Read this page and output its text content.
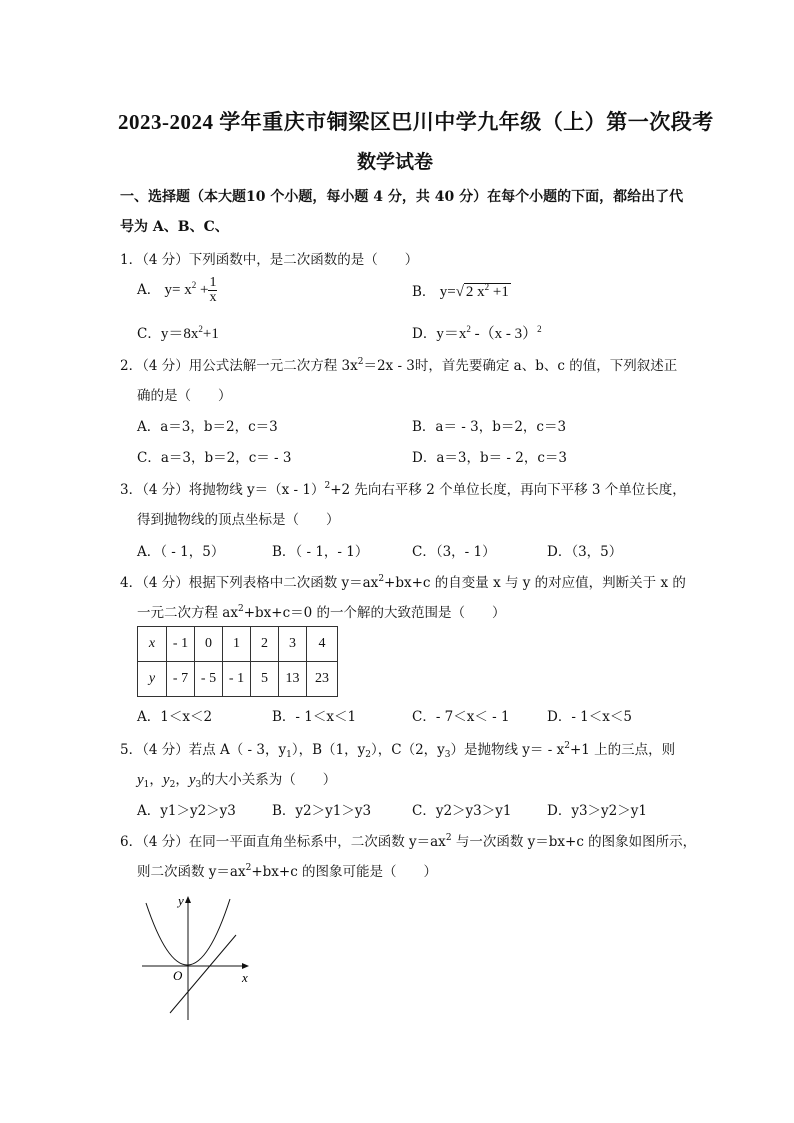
2023-2024 学年重庆市铜梁区巴川中学九年级（上）第一次段考
数学试卷
一、选择题（本大题10 个小题，每小题 4 分，共 40 分）在每个小题的下面，都给出了代
号为 A、B、C、
1．（4 分）下列函数中，是二次函数的是（　　）
A． $y= x^2 + \frac{1}{x}$	B． y=√ 2 $x^2 +1$
C．$y=8x^2+1$	D．$y=x^2$ -（x - 3）$^2$
2．（4 分）用公式法解一元二次方程 $3x^2=2x - 3$时，首先要确定 a、b、c 的值，下列叙述正
确的是（　　）
A．a＝3，b＝2，c＝3	B．a＝ - 3，b＝2，c＝3
C．a＝3，b＝2，c＝ - 3	D．a＝3，b＝ - 2，c＝3
3．（4 分）将抛物线 y＝（x - 1）$^2$+2 先向右平移 2 个单位长度，再向下平移 3 个单位长度，
得到抛物线的顶点坐标是（　　）
A．（ - 1，5）	B．（ - 1，- 1）	C．（3，- 1）	D．（3，5）
4．（4 分）根据下列表格中二次函数 $y=ax^2+bx+c$ 的自变量 x 与 y 的对应值，判断关于 x 的
一元二次方程 $ax^2+bx+c=0$ 的一个解的大致范围是（　　）
x	- 1	0	1	2	3	4
y	- 7	- 5	- 1	5	13	23
A．1＜x＜2	B．- 1＜x＜1	C．- 7＜x＜ - 1	D．- 1＜x＜5
5．（4 分）若点 A（ - 3，$y_1$），B（1，$y_2$），C（2，$y_3$）是抛物线 $y= - x^2+1$ 上的三点，则
$y_1$，$y_2$，$y_3$的大小关系为（　　）
A．y1＞y2＞y3	B．y2＞y1＞y3	C．y2＞y3＞y1	D．y3＞y2＞y1
6．（4 分）在同一平面直角坐标系中，二次函数 $y=ax^2$ 与一次函数 y＝bx+c 的图象如图所示，
则二次函数 $y=ax^2+bx+c$ 的图象可能是（　　）
y
x
O
